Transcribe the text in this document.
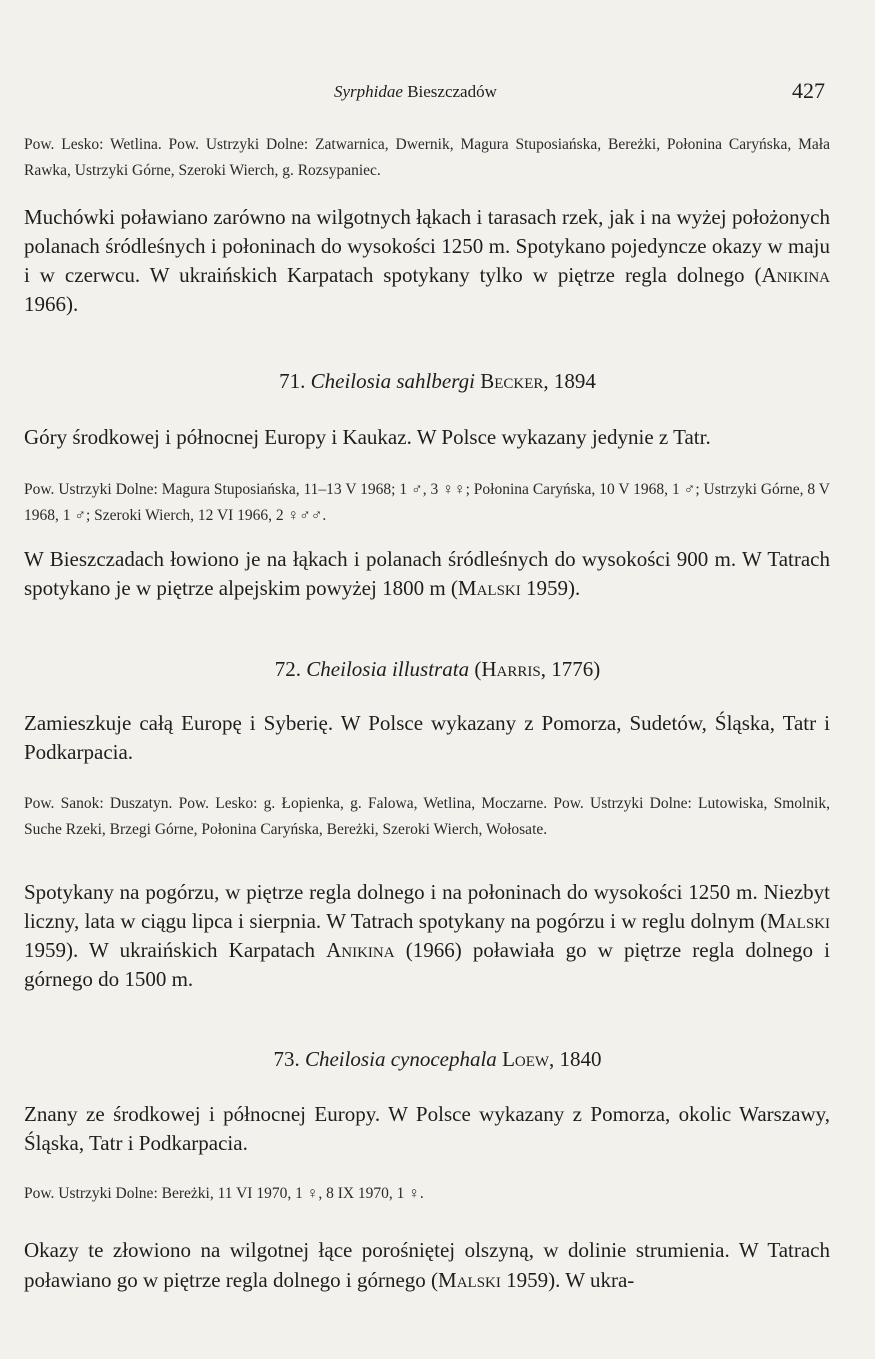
Syrphidae Bieszczadów	427

Pow. Lesko: Wetlina. Pow. Ustrzyki Dolne: Zatwarnica, Dwernik, Magura Stuposiańska, Bereżki, Połonina Caryńska, Mała Rawka, Ustrzyki Górne, Szeroki Wierch, g. Rozsypaniec.

Muchówki poławiano zarówno na wilgotnych łąkach i tarasach rzek, jak i na wyżej położonych polanach śródleśnych i połoninach do wysokości 1250 m. Spotykano pojedyncze okazy w maju i w czerwcu. W ukraińskich Karpatach spotykany tylko w piętrze regla dolnego (Anikina 1966).

71. Cheilosia sahlbergi Becker, 1894

Góry środkowej i północnej Europy i Kaukaz. W Polsce wykazany jedynie z Tatr.

Pow. Ustrzyki Dolne: Magura Stuposiańska, 11–13 V 1968; 1 ♂, 3 ♀♀; Połonina Caryńska, 10 V 1968, 1 ♂; Ustrzyki Górne, 8 V 1968, 1 ♂; Szeroki Wierch, 12 VI 1966, 2 ♀♂♂.

W Bieszczadach łowiono je na łąkach i polanach śródleśnych do wysokości 900 m. W Tatrach spotykano je w piętrze alpejskim powyżej 1800 m (Malski 1959).

72. Cheilosia illustrata (Harris, 1776)

Zamieszkuje całą Europę i Syberię. W Polsce wykazany z Pomorza, Sudetów, Śląska, Tatr i Podkarpacia.

Pow. Sanok: Duszatyn. Pow. Lesko: g. Łopienka, g. Falowa, Wetlina, Moczarne. Pow. Ustrzyki Dolne: Lutowiska, Smolnik, Suche Rzeki, Brzegi Górne, Połonina Caryńska, Bereżki, Szeroki Wierch, Wołosate.

Spotykany na pogórzu, w piętrze regla dolnego i na połoninach do wysokości 1250 m. Niezbyt liczny, lata w ciągu lipca i sierpnia. W Tatrach spotykany na pogórzu i w reglu dolnym (Malski 1959). W ukraińskich Karpatach Anikina (1966) poławiała go w piętrze regla dolnego i górnego do 1500 m.

73. Cheilosia cynocephala Loew, 1840

Znany ze środkowej i północnej Europy. W Polsce wykazany z Pomorza, okolic Warszawy, Śląska, Tatr i Podkarpacia.

Pow. Ustrzyki Dolne: Bereżki, 11 VI 1970, 1 ♀, 8 IX 1970, 1 ♀.

Okazy te złowiono na wilgotnej łące porośniętej olszyną, w dolinie strumienia. W Tatrach poławiano go w piętrze regla dolnego i górnego (Malski 1959). W ukra-
